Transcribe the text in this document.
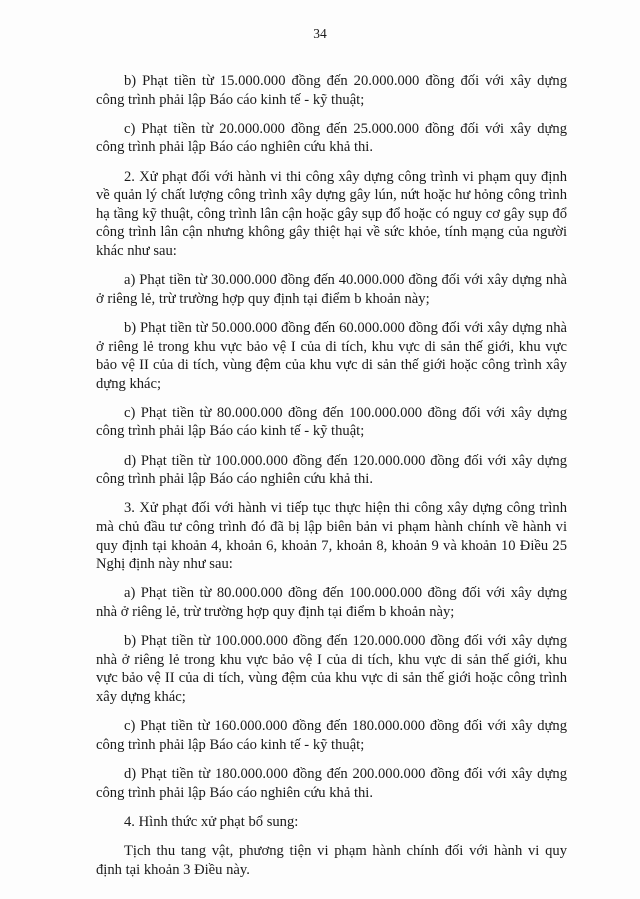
34

b) Phạt tiền từ 15.000.000 đồng đến 20.000.000 đồng đối với xây dựng công trình phải lập Báo cáo kinh tế - kỹ thuật;

c) Phạt tiền từ 20.000.000 đồng đến 25.000.000 đồng đối với xây dựng công trình phải lập Báo cáo nghiên cứu khả thi.

2. Xử phạt đối với hành vi thi công xây dựng công trình vi phạm quy định về quản lý chất lượng công trình xây dựng gây lún, nứt hoặc hư hỏng công trình hạ tầng kỹ thuật, công trình lân cận hoặc gây sụp đổ hoặc có nguy cơ gây sụp đổ công trình lân cận nhưng không gây thiệt hại về sức khỏe, tính mạng của người khác như sau:

a) Phạt tiền từ 30.000.000 đồng đến 40.000.000 đồng đối với xây dựng nhà ở riêng lẻ, trừ trường hợp quy định tại điểm b khoản này;

b) Phạt tiền từ 50.000.000 đồng đến 60.000.000 đồng đối với xây dựng nhà ở riêng lẻ trong khu vực bảo vệ I của di tích, khu vực di sản thế giới, khu vực bảo vệ II của di tích, vùng đệm của khu vực di sản thế giới hoặc công trình xây dựng khác;

c) Phạt tiền từ 80.000.000 đồng đến 100.000.000 đồng đối với xây dựng công trình phải lập Báo cáo kinh tế - kỹ thuật;

d) Phạt tiền từ 100.000.000 đồng đến 120.000.000 đồng đối với xây dựng công trình phải lập Báo cáo nghiên cứu khả thi.

3. Xử phạt đối với hành vi tiếp tục thực hiện thi công xây dựng công trình mà chủ đầu tư công trình đó đã bị lập biên bản vi phạm hành chính về hành vi quy định tại khoản 4, khoản 6, khoản 7, khoản 8, khoản 9 và khoản 10 Điều 25 Nghị định này như sau:

a) Phạt tiền từ 80.000.000 đồng đến 100.000.000 đồng đối với xây dựng nhà ở riêng lẻ, trừ trường hợp quy định tại điểm b khoản này;

b) Phạt tiền từ 100.000.000 đồng đến 120.000.000 đồng đối với xây dựng nhà ở riêng lẻ trong khu vực bảo vệ I của di tích, khu vực di sản thế giới, khu vực bảo vệ II của di tích, vùng đệm của khu vực di sản thế giới hoặc công trình xây dựng khác;

c) Phạt tiền từ 160.000.000 đồng đến 180.000.000 đồng đối với xây dựng công trình phải lập Báo cáo kinh tế - kỹ thuật;

d) Phạt tiền từ 180.000.000 đồng đến 200.000.000 đồng đối với xây dựng công trình phải lập Báo cáo nghiên cứu khả thi.

4. Hình thức xử phạt bổ sung:

Tịch thu tang vật, phương tiện vi phạm hành chính đối với hành vi quy định tại khoản 3 Điều này.
